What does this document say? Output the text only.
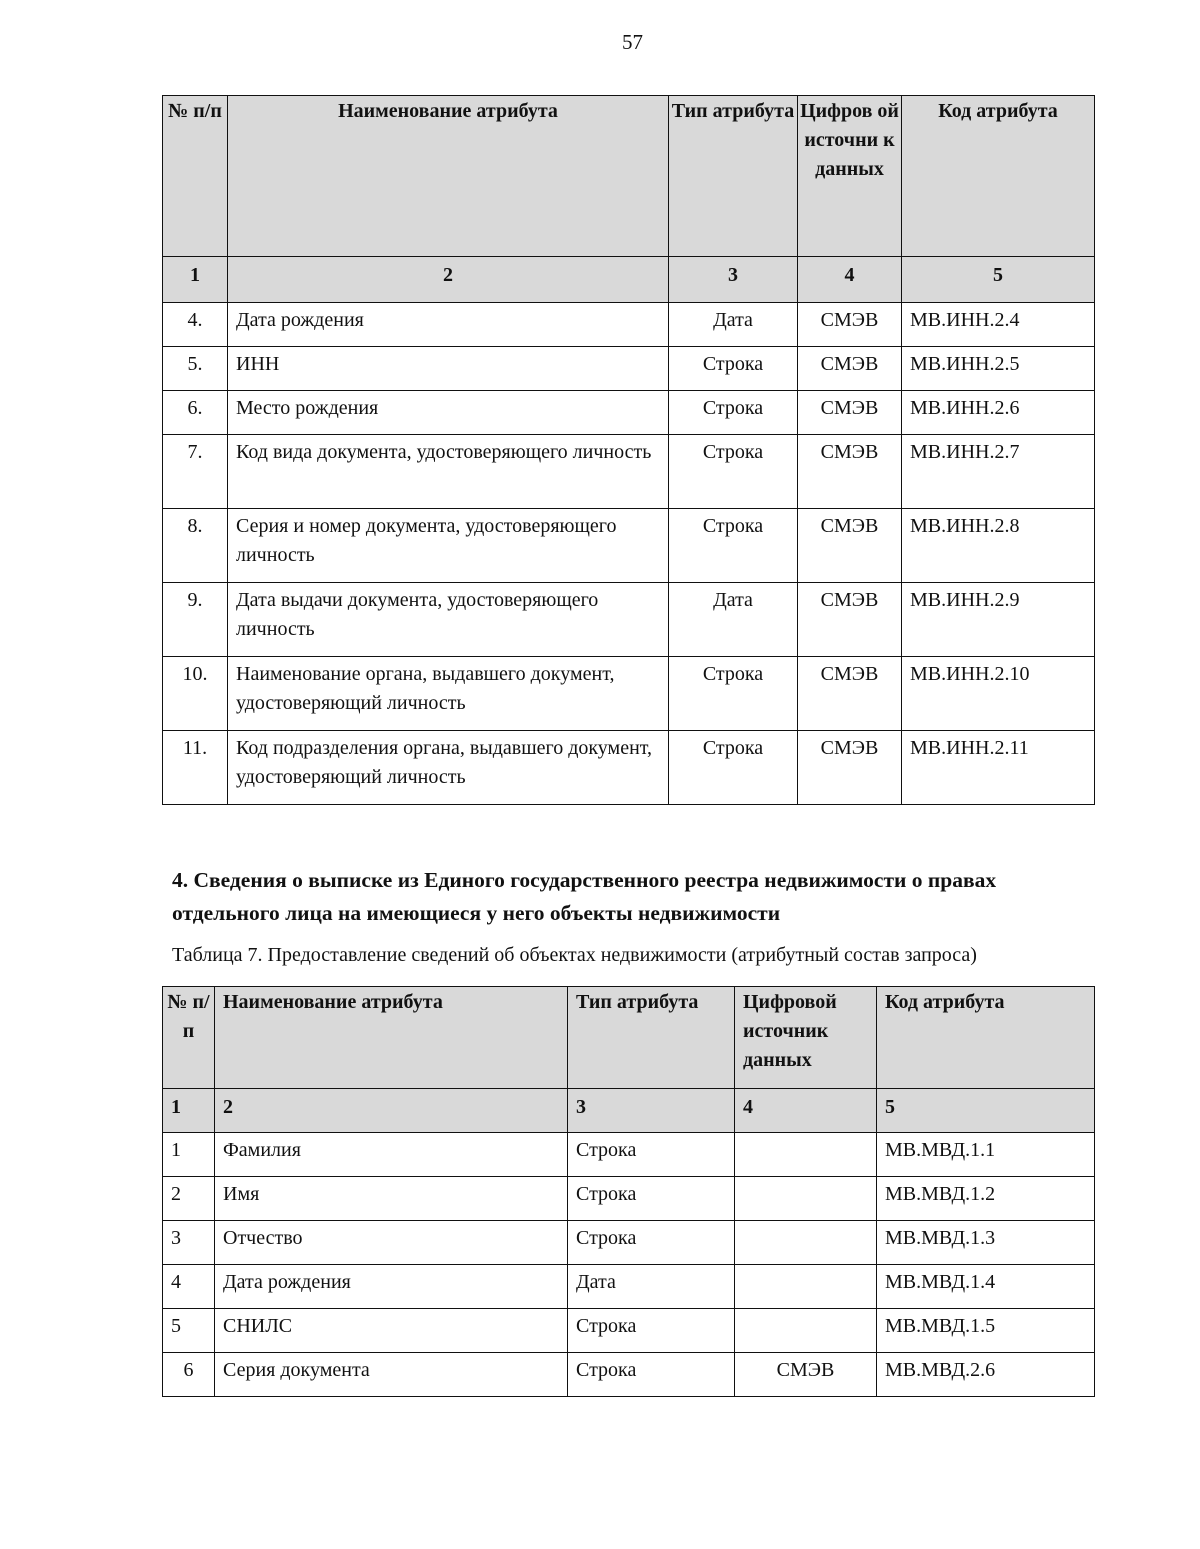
57
№ п/п	Наименование атрибута	Тип атрибута	Цифров ой источни к данных	Код атрибута
1	2	3	4	5
4.	Дата рождения	Дата	СМЭВ	МВ.ИНН.2.4
5.	ИНН	Строка	СМЭВ	МВ.ИНН.2.5
6.	Место рождения	Строка	СМЭВ	МВ.ИНН.2.6
7.	Код вида документа, удостоверяющего личность	Строка	СМЭВ	МВ.ИНН.2.7
8.	Серия и номер документа, удостоверяющего личность	Строка	СМЭВ	МВ.ИНН.2.8
9.	Дата выдачи документа, удостоверяющего личность	Дата	СМЭВ	МВ.ИНН.2.9
10.	Наименование органа, выдавшего документ, удостоверяющий личность	Строка	СМЭВ	МВ.ИНН.2.10
11.	Код подразделения органа, выдавшего документ, удостоверяющий личность	Строка	СМЭВ	МВ.ИНН.2.11
4. Сведения о выписке из Единого государственного реестра недвижимости о правах отдельного лица на имеющиеся у него объекты недвижимости
Таблица 7. Предоставление сведений об объектах недвижимости (атрибутный состав запроса)
№ п/п	Наименование атрибута	Тип атрибута	Цифровой источник данных	Код атрибута
1	2	3	4	5
1	Фамилия	Строка		МВ.МВД.1.1
2	Имя	Строка		МВ.МВД.1.2
3	Отчество	Строка		МВ.МВД.1.3
4	Дата рождения	Дата		МВ.МВД.1.4
5	СНИЛС	Строка		МВ.МВД.1.5
6	Серия документа	Строка	СМЭВ	МВ.МВД.2.6
